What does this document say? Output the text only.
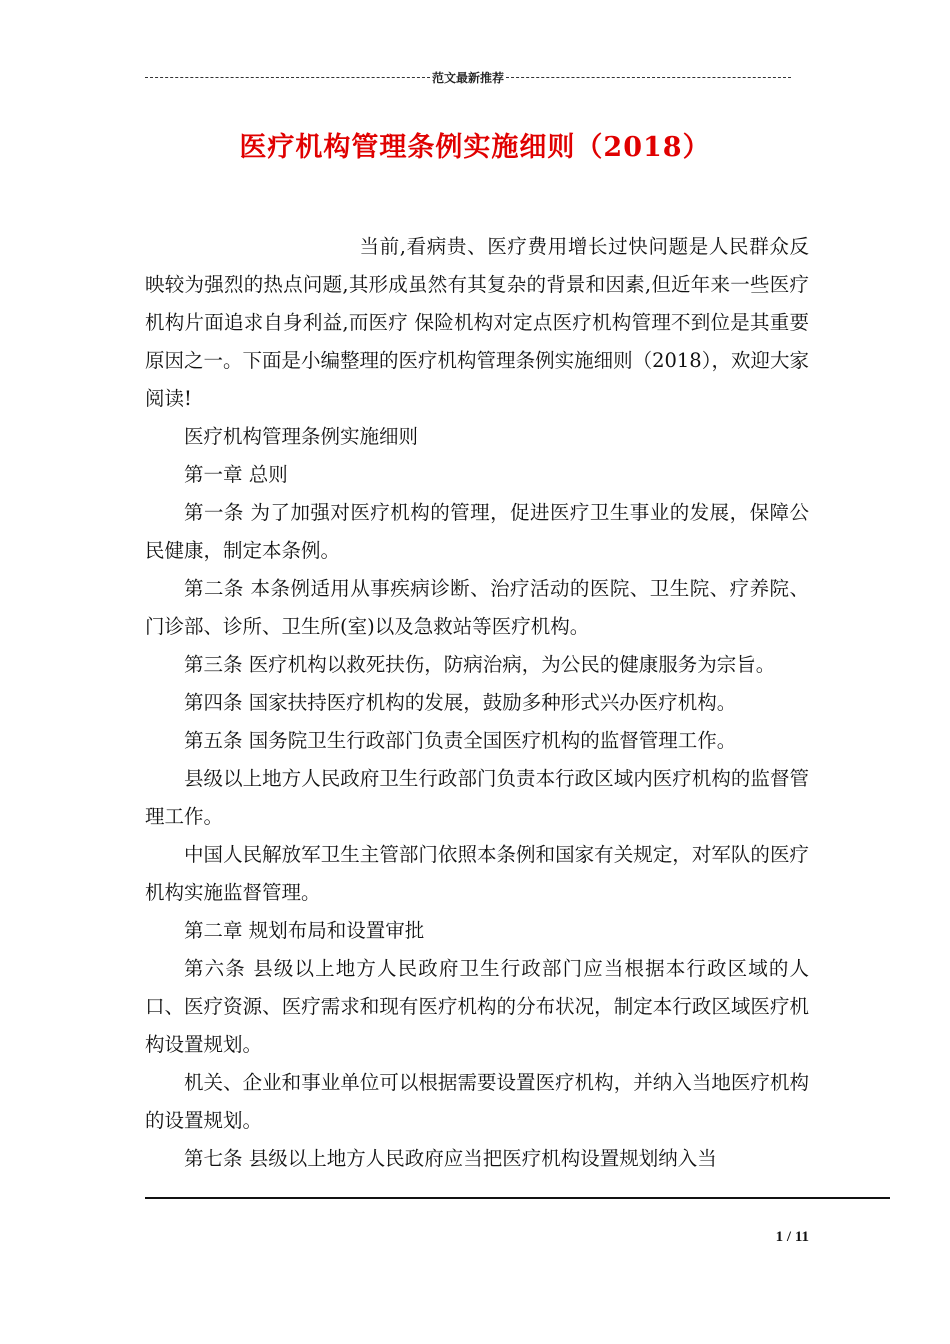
范文最新推荐
医疗机构管理条例实施细则（2018）

当前,看病贵、医疗费用增长过快问题是人民群众反映较为强烈的热点问题,其形成虽然有其复杂的背景和因素,但近年来一些医疗机构片面追求自身利益,而医疗 保险机构对定点医疗机构管理不到位是其重要原因之一。下面是小编整理的医疗机构管理条例实施细则（2018），欢迎大家阅读!

医疗机构管理条例实施细则

第一章 总则

第一条 为了加强对医疗机构的管理，促进医疗卫生事业的发展，保障公民健康，制定本条例。

第二条 本条例适用从事疾病诊断、治疗活动的医院、卫生院、疗养院、门诊部、诊所、卫生所(室)以及急救站等医疗机构。

第三条 医疗机构以救死扶伤，防病治病，为公民的健康服务为宗旨。

第四条 国家扶持医疗机构的发展，鼓励多种形式兴办医疗机构。

第五条 国务院卫生行政部门负责全国医疗机构的监督管理工作。

县级以上地方人民政府卫生行政部门负责本行政区域内医疗机构的监督管理工作。

中国人民解放军卫生主管部门依照本条例和国家有关规定，对军队的医疗机构实施监督管理。

第二章 规划布局和设置审批

第六条 县级以上地方人民政府卫生行政部门应当根据本行政区域的人口、医疗资源、医疗需求和现有医疗机构的分布状况，制定本行政区域医疗机构设置规划。

机关、企业和事业单位可以根据需要设置医疗机构，并纳入当地医疗机构的设置规划。

第七条 县级以上地方人民政府应当把医疗机构设置规划纳入当

1 / 11
